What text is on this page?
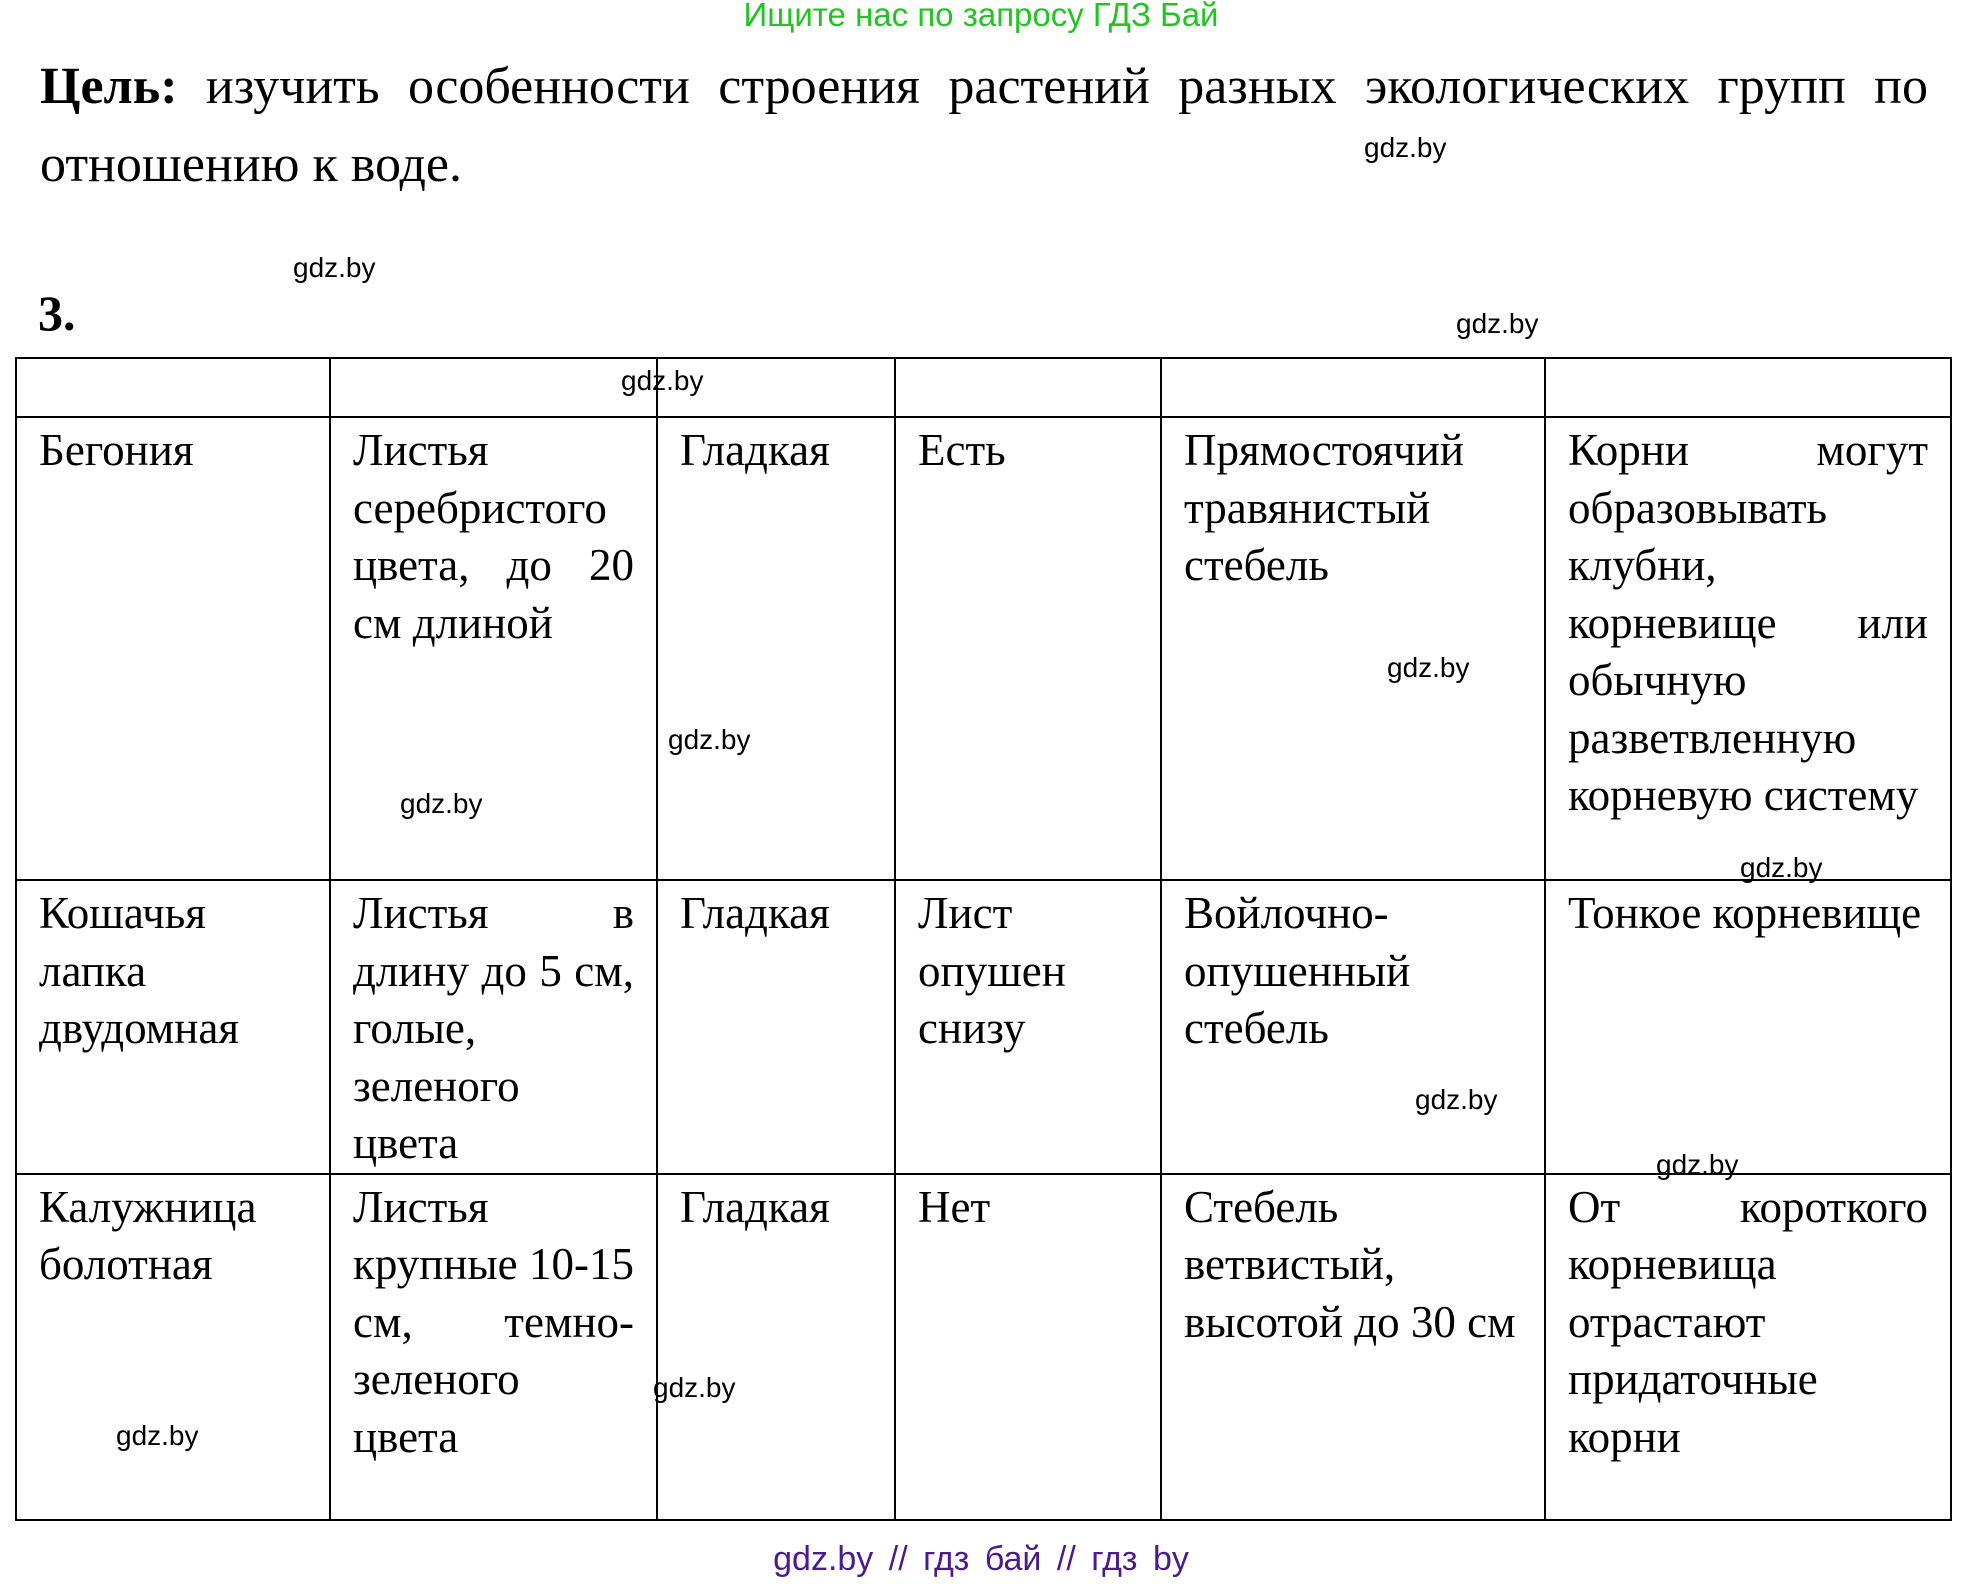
Ищите нас по запросу ГДЗ Бай
Цель: изучить особенности строения растений разных экологических групп по отношению к воде.
3.

Бегония	Листья серебристого цвета, до 20 см длиной	Гладкая	Есть	Прямостоячий травянистый стебель	Корни могут образовывать клубни, корневище или обычную разветвленную корневую систему
Кошачья лапка двудомная	Листья в длину до 5 см, голые, зеленого цвета	Гладкая	Лист опушен снизу	Войлочно-опушенный стебель	Тонкое корневище
Калужница болотная	Листья крупные 10-15 см, темно-зеленого цвета	Гладкая	Нет	Стебель ветвистый, высотой до 30 см	От короткого корневища отрастают придаточные корни
gdz.by
gdz.by
gdz.by
gdz.by
gdz.by
gdz.by
gdz.by
gdz.by
gdz.by
gdz.by
gdz.by
gdz.by
gdz.by // гдз бай // гдз by
